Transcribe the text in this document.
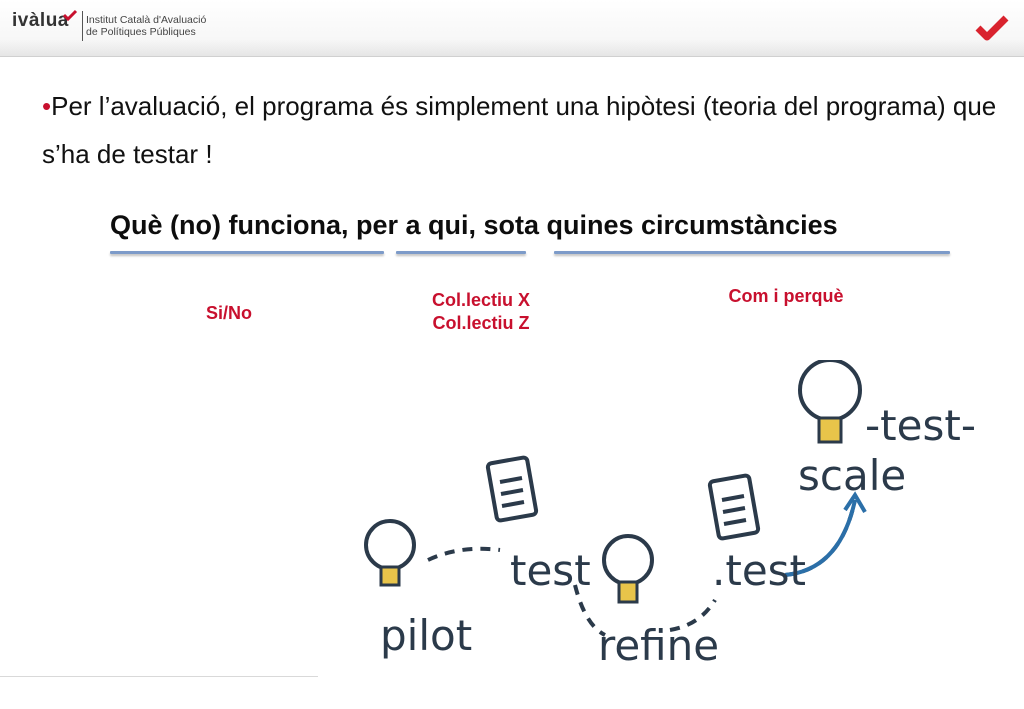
ivàlua Institut Català d'Avaluació
de Polítiques Públiques
•Per l’avaluació, el programa és simplement una hipòtesi (teoria del programa) que s’ha de testar !
Què (no) funciona, per a qui, sota quines circumstàncies
Si/No
Col.lectiu X
Col.lectiu Z
Com i perquè
pilot
test
refine
.test
scale
-test-
